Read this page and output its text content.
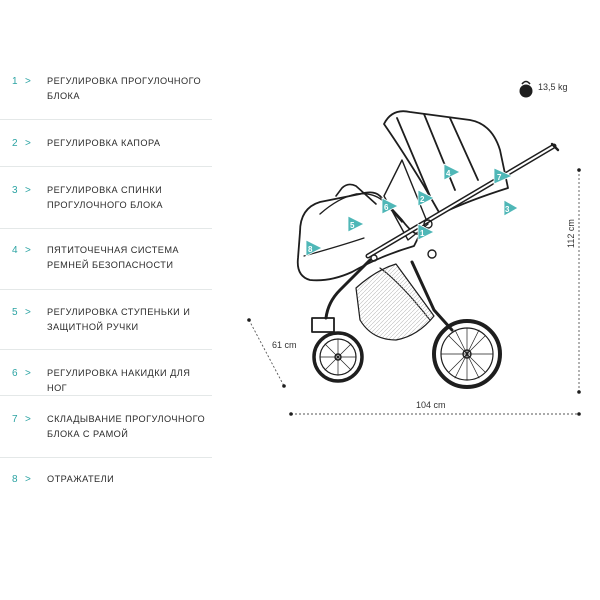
1 >	РЕГУЛИРОВКА ПРОГУЛОЧНОГО БЛОКА
2 >	РЕГУЛИРОВКА КАПОРА
3 >	РЕГУЛИРОВКА СПИНКИ ПРОГУЛОЧНОГО БЛОКА
4 >	ПЯТИТОЧЕЧНАЯ СИСТЕМА РЕМНЕЙ БЕЗОПАСНОСТИ
5 >	РЕГУЛИРОВКА СТУПЕНЬКИ И ЗАЩИТНОЙ РУЧКИ
6 >	РЕГУЛИРОВКА НАКИДКИ ДЛЯ НОГ
7 >	СКЛАДЫВАНИЕ ПРОГУЛОЧНОГО БЛОКА С РАМОЙ
8 >	ОТРАЖАТЕЛИ
1
2
3
4
5
6
7
8
13,5 kg
61 cm
104 cm
112 cm
